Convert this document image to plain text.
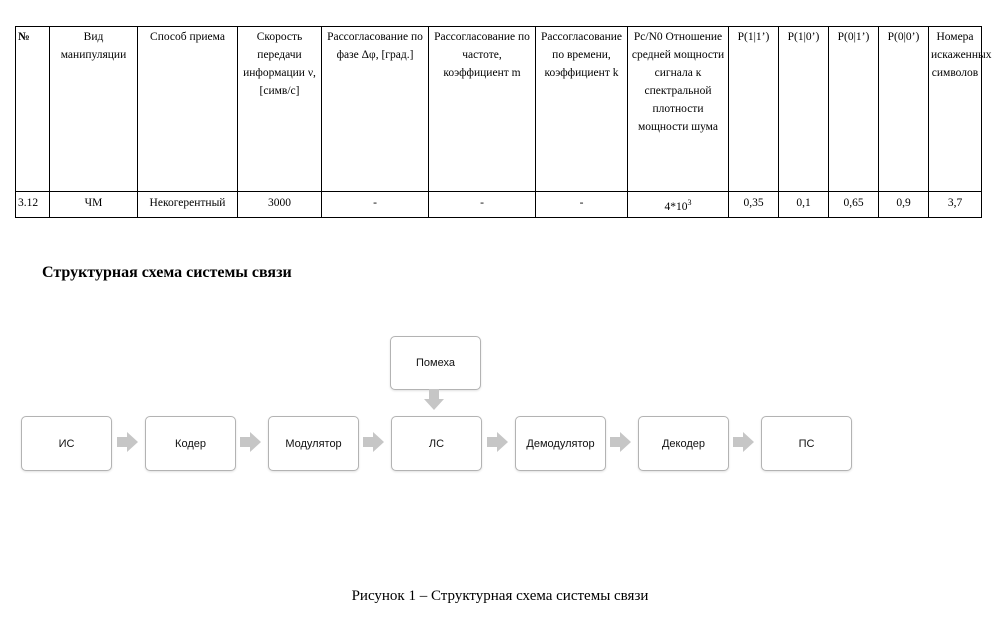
№	Вид манипуляции	Способ приема	Скорость передачи информации ν, [симв/с]	Рассогласование по фазе Δφ, [град.]	Рассогласование по частоте, коэффициент m	Рассогласование по времени, коэффициент k	Pс/N0 Отношение средней мощности сигнала к спектральной плотности мощности шума	P(1|1’)	P(1|0’)	P(0|1’)	P(0|0’)	Номера искаженных символов
3.12	ЧМ	Некогерентный	3000	-	-	-	$4*10^3$	0,35	0,1	0,65	0,9	3,7
Структурная схема системы связи
Помеха
ИС	Кодер	Модулятор	ЛС	Демодулятор	Декодер	ПС
Рисунок 1 – Структурная схема системы связи
